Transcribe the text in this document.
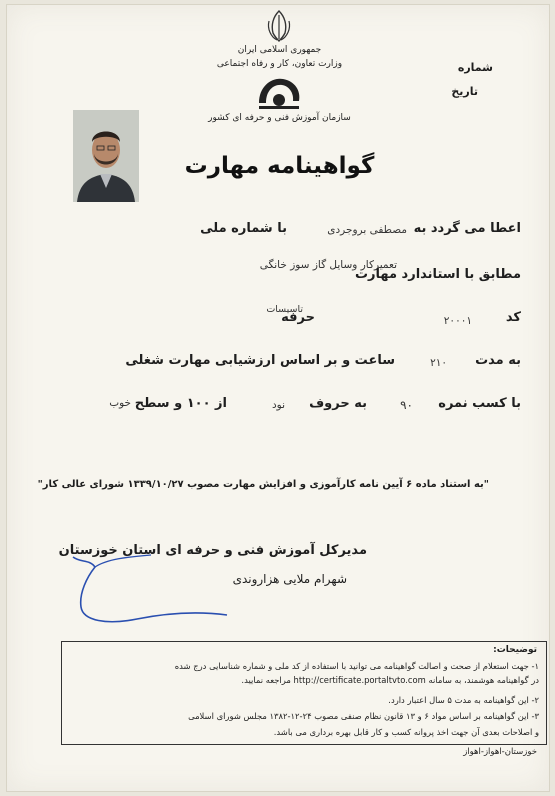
جمهوری اسلامی ایران
وزارت تعاون، کار و رفاه اجتماعی
سازمان آموزش فنی و حرفه ای کشور
شماره
تاریخ
گواهینامه مهارت
اعطا می گردد به
مصطفی بروجردی
با شماره ملی
تعمیرکار وسایل گاز سوز خانگی
مطابق با استاندارد مهارت
کد
۲۰۰۰۱
حرفه
تاسیسات
به مدت
۲۱۰
ساعت و بر اساس ارزشیابی مهارت شغلی
با کسب نمره
۹۰
به حروف
نود
از ۱۰۰ و سطح
خوب
"به استناد ماده ۶ آیین نامه کارآموزی و افزایش مهارت مصوب ۱۳۳۹/۱۰/۲۷ شورای عالی کار"
مدیرکل آموزش فنی و حرفه ای استان خوزستان
شهرام ملایی هزاروندی
توضیحات:
۱- جهت استعلام از صحت و اصالت گواهینامه می توانید با استفاده از کد ملی و شماره شناسایی درج شده
در گواهینامه هوشمند، به سامانه http://certificate.portaltvto.com مراجعه نمایید.
۲- این گواهینامه به مدت ۵ سال اعتبار دارد.
۳- این گواهینامه بر اساس مواد ۶ و ۱۳ قانون نظام صنفی مصوب ۲۴-۱۲-۱۳۸۲ مجلس شورای اسلامی
و اصلاحات بعدی آن جهت اخذ پروانه کسب و کار قابل بهره برداری می باشد.
خوزستان-اهواز-اهواز
